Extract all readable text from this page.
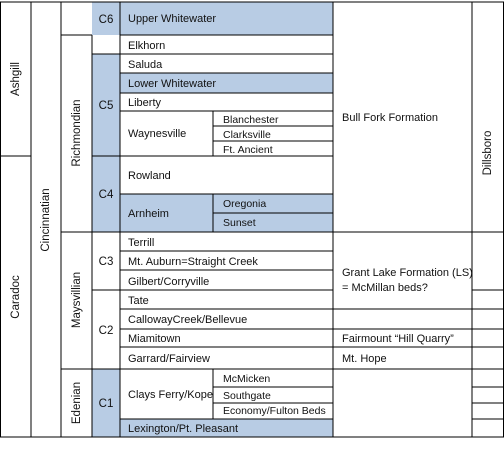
Ashgill
Caradoc
Cincinnatian
Richmondian
Maysvillian
Edenian
Dillsboro
C6
C5
C4
C3
C2
C1
Upper Whitewater
Elkhorn
Saluda
Lower Whitewater
Liberty
Waynesville
Rowland
Arnheim
Terrill
Mt. Auburn=Straight Creek
Gilbert/Corryville
Tate
CallowayCreek/Bellevue
Miamitown
Garrard/Fairview
Clays Ferry/Kope
Lexington/Pt. Pleasant
Blanchester
Clarksville
Ft. Ancient
Oregonia
Sunset
McMicken
Southgate
Economy/Fulton Beds
Bull Fork Formation
Grant Lake Formation (LS)
= McMillan beds?
Fairmount “Hill Quarry”
Mt. Hope
